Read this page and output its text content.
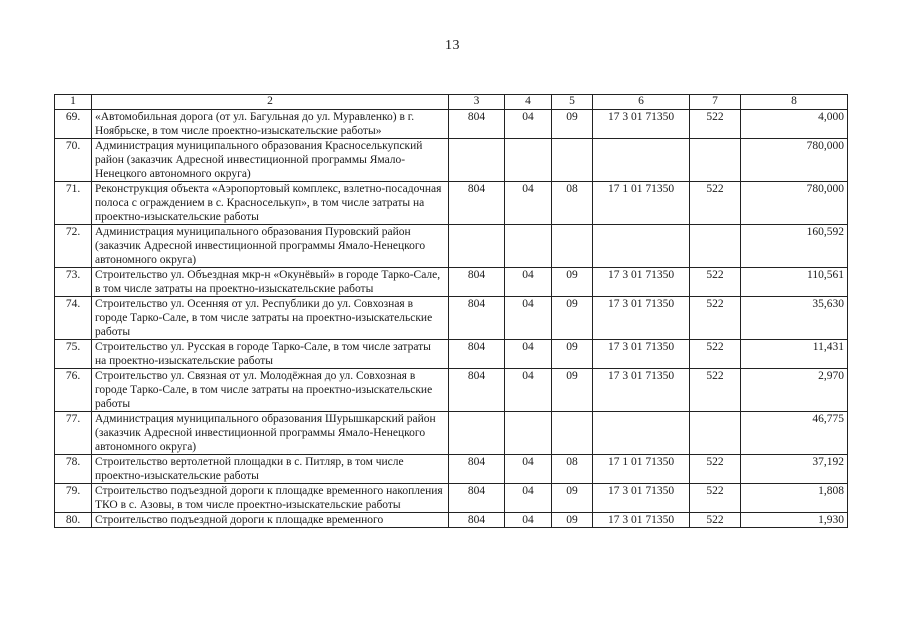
13
1	2	3	4	5	6	7	8
69.	«Автомобильная дорога (от ул. Багульная до ул. Муравленко) в г. Ноябрьске, в том числе проектно-изыскательские работы»	804	04	09	17 3 01 71350	522	4,000
70.	Администрация муниципального образования Красноселькупский район (заказчик Адресной инвестиционной программы Ямало-Ненецкого автономного округа)						780,000
71.	Реконструкция объекта «Аэропортовый комплекс, взлетно-посадочная полоса с ограждением в с. Красноселькуп», в том числе затраты на проектно-изыскательские работы	804	04	08	17 1 01 71350	522	780,000
72.	Администрация муниципального образования Пуровский район (заказчик Адресной инвестиционной программы Ямало-Ненецкого автономного округа)						160,592
73.	Строительство ул. Объездная мкр-н «Окунёвый» в городе Тарко-Сале, в том числе затраты на проектно-изыскательские работы	804	04	09	17 3 01 71350	522	110,561
74.	Строительство ул. Осенняя от ул. Республики до ул. Совхозная в городе Тарко-Сале, в том числе затраты на проектно-изыскательские работы	804	04	09	17 3 01 71350	522	35,630
75.	Строительство ул. Русская в городе Тарко-Сале, в том числе затраты на проектно-изыскательские работы	804	04	09	17 3 01 71350	522	11,431
76.	Строительство ул. Связная от ул. Молодёжная до ул. Совхозная в городе Тарко-Сале, в том числе затраты на проектно-изыскательские работы	804	04	09	17 3 01 71350	522	2,970
77.	Администрация муниципального образования Шурышкарский район (заказчик Адресной инвестиционной программы Ямало-Ненецкого автономного округа)						46,775
78.	Строительство вертолетной площадки в с. Питляр, в том числе проектно-изыскательские работы	804	04	08	17 1 01 71350	522	37,192
79.	Строительство подъездной дороги к площадке временного накопления ТКО в с. Азовы, в том числе проектно-изыскательские работы	804	04	09	17 3 01 71350	522	1,808
80.	Строительство подъездной дороги к площадке временного	804	04	09	17 3 01 71350	522	1,930
